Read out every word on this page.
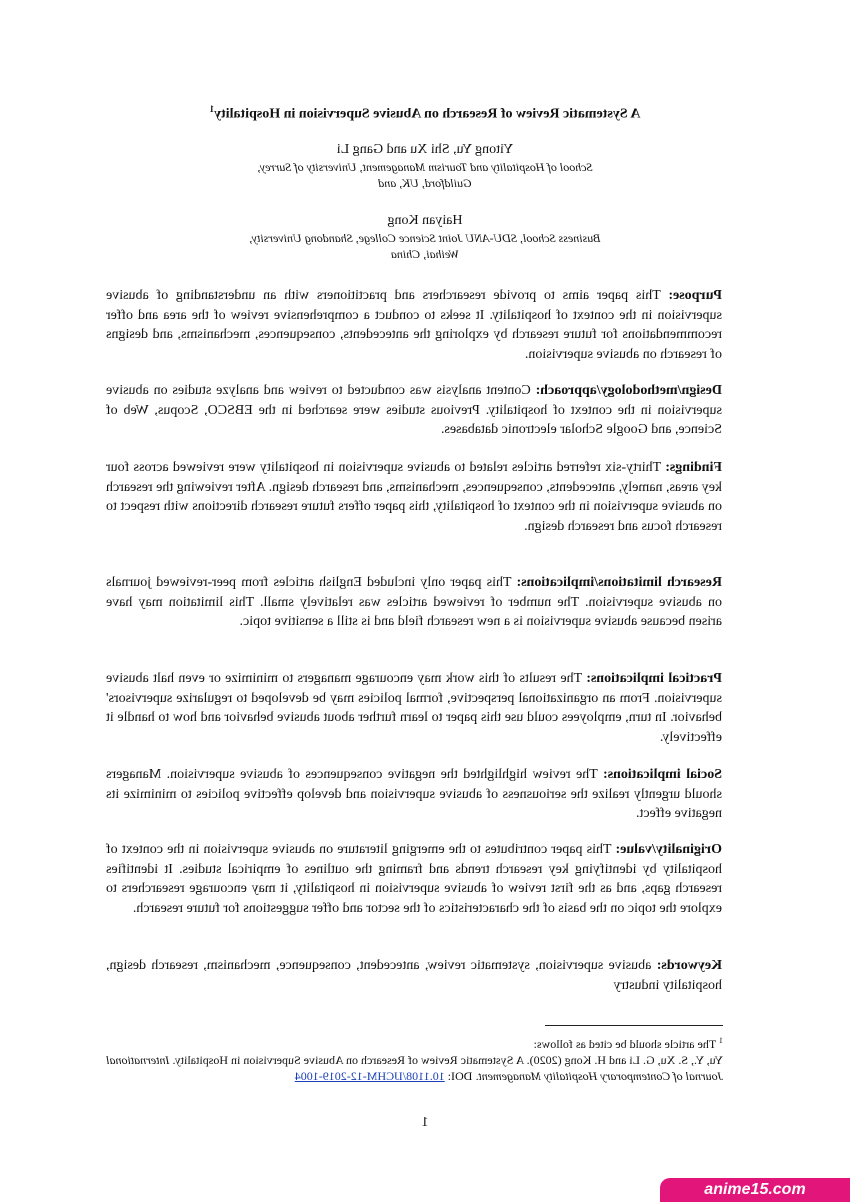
A Systematic Review of Research on Abusive Supervision in Hospitality$^1$
Yitong Yu, Shi Xu and Gang Li
School of Hospitality and Tourism Management, University of Surrey,
Guildford, UK, and
Haiyan Kong
Business School, SDU-ANU Joint Science College, Shandong University,
Weihai, China

Purpose: This paper aims to provide researchers and practitioners with an understanding of abusive supervision in the context of hospitality. It seeks to conduct a comprehensive review of the area and offer recommendations for future research by exploring the antecedents, consequences, mechanisms, and designs of research on abusive supervision.

Design/methodology/approach: Content analysis was conducted to review and analyze studies on abusive supervision in the context of hospitality. Previous studies were searched in the EBSCO, Scopus, Web of Science, and Google Scholar electronic databases.

Findings: Thirty-six referred articles related to abusive supervision in hospitality were reviewed across four key areas, namely, antecedents, consequences, mechanisms, and research design. After reviewing the research on abusive supervision in the context of hospitality, this paper offers future research directions with respect to research focus and research design.

Research limitations/implications: This paper only included English articles from peer-reviewed journals on abusive supervision. The number of reviewed articles was relatively small. This limitation may have arisen because abusive supervision is a new research field and is still a sensitive topic.

Practical implications: The results of this work may encourage managers to minimize or even halt abusive supervision. From an organizational perspective, formal policies may be developed to regularize supervisors' behavior. In turn, employees could use this paper to learn further about abusive behavior and how to handle it effectively.

Social implications: The review highlighted the negative consequences of abusive supervision. Managers should urgently realize the seriousness of abusive supervision and develop effective policies to minimize its negative effect.

Originality/value: This paper contributes to the emerging literature on abusive supervision in the context of hospitality by identifying key research trends and framing the outlines of empirical studies. It identifies research gaps, and as the first review of abusive supervision in hospitality, it may encourage researchers to explore the topic on the basis of the characteristics of the sector and offer suggestions for future research.

Keywords: abusive supervision, systematic review, antecedent, consequence, mechanism, research design, hospitality industry

$^1$ The article should be cited as follows:
Yu, Y., S. Xu, G. Li and H. Kong (2020). A Systematic Review of Research on Abusive Supervision in Hospitality. International Journal of Contemporary Hospitality Management. DOI: 10.1108/IJCHM-12-2019-1004
1
anime15.com
